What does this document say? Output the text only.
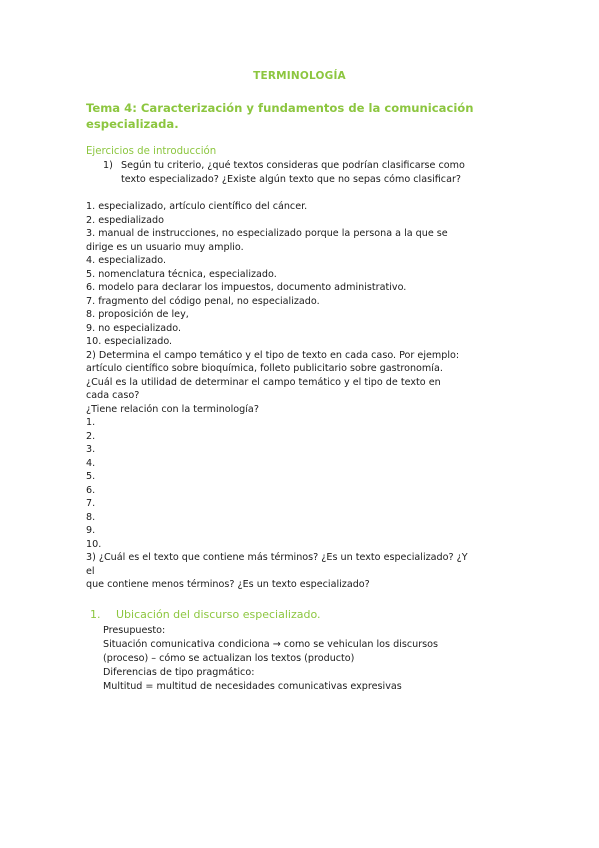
TERMINOLOGÍA
Tema 4: Caracterización y fundamentos de la comunicación especializada.
Ejercicios de introducción
1) Según tu criterio, ¿qué textos consideras que podrían clasificarse como
texto especializado? ¿Existe algún texto que no sepas cómo clasificar?
1. especializado, artículo científico del cáncer.
2. espedializado
3. manual de instrucciones, no especializado porque la persona a la que se
dirige es un usuario muy amplio.
4. especializado.
5. nomenclatura técnica, especializado.
6. modelo para declarar los impuestos, documento administrativo.
7. fragmento del código penal, no especializado.
8. proposición de ley,
9. no especializado.
10. especializado.
2) Determina el campo temático y el tipo de texto en cada caso. Por ejemplo:
artículo científico sobre bioquímica, folleto publicitario sobre gastronomía.
¿Cuál es la utilidad de determinar el campo temático y el tipo de texto en
cada caso?
¿Tiene relación con la terminología?
1.
2.
3.
4.
5.
6.
7.
8.
9.
10.
3) ¿Cuál es el texto que contiene más términos? ¿Es un texto especializado? ¿Y
el
que contiene menos términos? ¿Es un texto especializado?
1. Ubicación del discurso especializado.
Presupuesto:
Situación comunicativa condiciona → como se vehiculan los discursos
(proceso) – cómo se actualizan los textos (producto)
Diferencias de tipo pragmático:
Multitud = multitud de necesidades comunicativas expresivas
